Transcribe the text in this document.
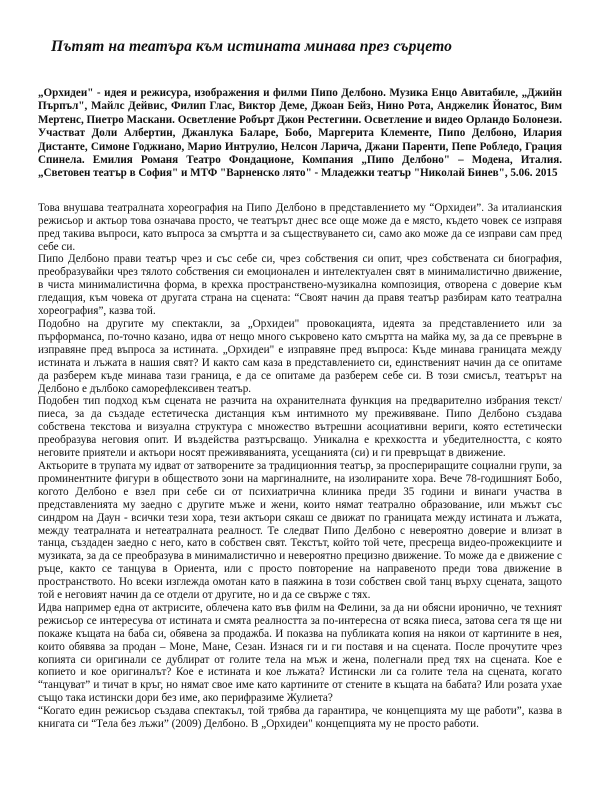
Пътят на театъра към истината минава през сърцето

„Орхидеи" - идея и режисура, изображения и филми Пипо Делбоно. Музика Енцо Авитабиле, „Джийн Пърпъл", Майлс Дейвис, Филип Глас, Виктор Деме, Джоан Бейз, Нино Рота, Анджелик Йонатос, Вим Мертенс, Пиетро Маскани. Осветление Робърт Джон Рестегини. Осветление и видео Орландо Болонези. Участват Доли Албертин, Джанлука Баларе, Бобо, Маргерита Клементе, Пипо Делбоно, Илария Дистанте, Симоне Годжиано, Марио Интрулио, Нелсон Ларича, Джани Паренти, Пепе Робледо, Грация Спинела. Емилия Романя Театро Фондационе, Компания „Пипо Делбоно" – Модена, Италия. „Световен театър в София" и МТФ "Варненско лято" - Младежки театър "Николай Бинев", 5.06. 2015

Това внушава театралната хореография на Пипо Делбоно в представлението му “Орхидеи”. За италианския режисьор и актьор това означава просто, че театърът днес все още може да е място, където човек се изправя пред такива въпроси, като въпроса за смъртта и за съществуването си, само ако може да се изправи сам пред себе си.

Пипо Делбоно прави театър чрез и със себе си, чрез собствения си опит, чрез собствената си биография, преобразувайки чрез тялото собствения си емоционален и интелектуален свят в минималистично движение, в чиста минималистична форма, в крехка пространствено-музикална композиция, отворена с доверие към гледащия, към човека от другата страна на сцената: “Своят начин да правя театър разбирам като театрална хореография”, казва той.

Подобно на другите му спектакли, за „Орхидеи" провокацията, идеята за представлението или за пърформанса, по-точно казано, идва от нещо много съкровено като смъртта на майка му, за да се превърне в изправяне пред въпроса за истината. „Орхидеи" е изправяне пред въпроса: Къде минава границата между истината и лъжата в нашия свят? И както сам каза в представлението си, единственият начин да се опитаме да разберем къде минава тази граница, е да се опитаме да разберем себе си. В този смисъл, театърът на Делбоно е дълбоко саморефлексивен театър.

Подобен тип подход към сцената не разчита на охранителната функция на предварително избрания текст/пиеса, за да създаде естетическа дистанция към интимното му преживяване. Пипо Делбоно създава собствена текстова и визуална структура с множество вътрешни асоциативни вериги, която естетически преобразува неговия опит. И въздейства разтърсващо. Уникална е крехкостта и убедителността, с която неговите приятели и актьори носят преживяванията, усещанията (си) и ги превръщат в движение.

Актьорите в трупата му идват от затворените за традиционния театър, за проспериращите социални групи, за проминентните фигури в обществото зони на маргиналните, на изолираните хора. Вече 78-годишният Бобо, когото Делбоно е взел при себе си от психиатрична клиника преди 35 години и винаги участва в представленията му заедно с другите мъже и жени, които нямат театрално образование, или мъжът със синдром на Даун - всички тези хора, тези актьори сякаш се движат по границата между истината и лъжата, между театралната и нетеатралната реалност. Те следват Пипо Делбоно с невероятно доверие и влизат в танца, създаден заедно с него, като в собствен свят. Текстът, който той чете, пресреща видео-прожекциите и музиката, за да се преобразува в минималистично и невероятно прецизно движение. То може да е движение с ръце, както се танцува в Ориента, или с просто повторение на направеното преди това движение в пространството. Но всеки изглежда омотан като в паяжина в този собствен свой танц върху сцената, защото той е неговият начин да се отдели от другите, но и да се свърже с тях.

Идва например една от актрисите, облечена като във филм на Фелини, за да ни обясни иронично, че техният режисьор се интересува от истината и смята реалността за по-интересна от всяка пиеса, затова сега тя ще ни покаже къщата на баба си, обявена за продажба. И показва на публиката копия на някои от картините в нея, които обявява за продан – Моне, Мане, Сезан. Изнася ги и ги поставя и на сцената. После прочутите чрез копията си оригинали се дублират от голите тела на мъж и жена, полегнали пред тях на сцената. Кое е копието и кое оригиналът? Кое е истината и кое лъжата? Истински ли са голите тела на сцената, когато “танцуват” и тичат в кръг, но нямат свое име като картините от стените в къщата на бабата? Или розата ухае също така истински дори без име, ако перифразиме Жулиета?

“Когато един режисьор създава спектакъл, той трябва да гарантира, че концепцията му ще работи”, казва в книгата си “Тела без лъжи” (2009) Делбоно. В „Орхидеи" концепцията му не просто работи.
